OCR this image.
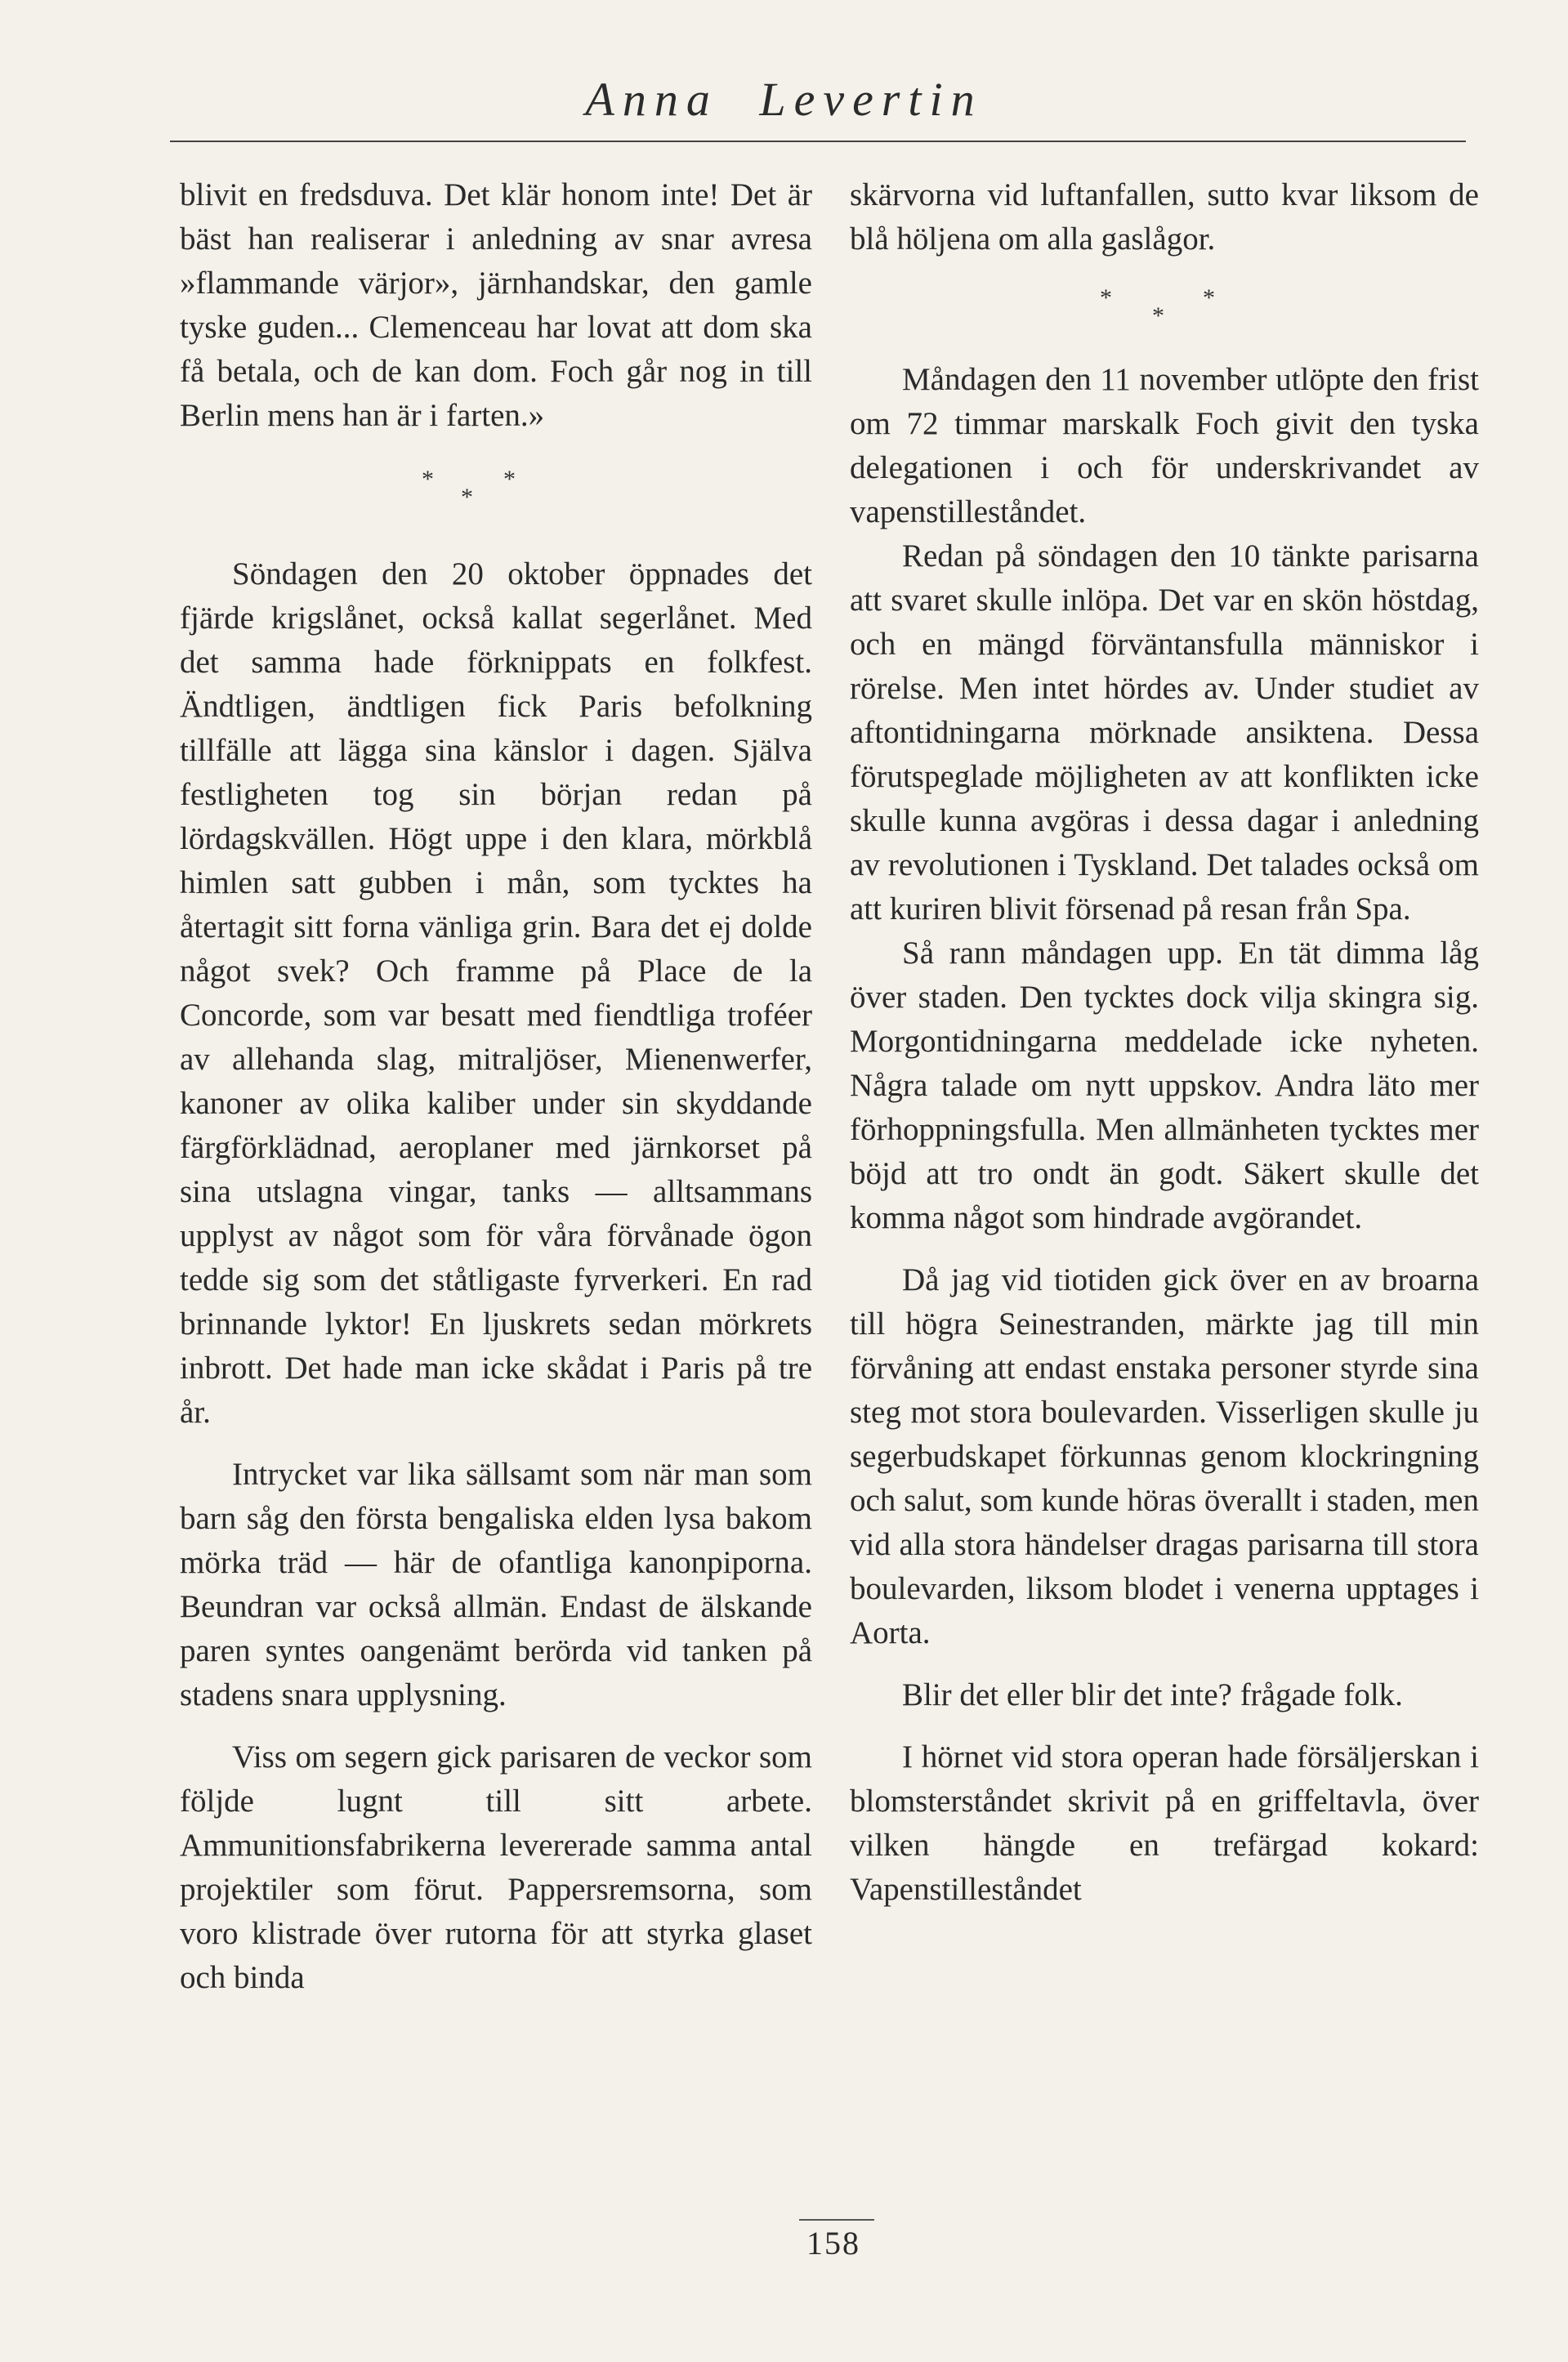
Anna Levertin

blivit en fredsduva. Det klär honom inte! Det är bäst han realiserar i anledning av snar avresa »flammande värjor», järnhandskar, den gamle tyske guden... Clemenceau har lovat att dom ska få betala, och de kan dom. Foch går nog in till Berlin mens han är i farten.»

*
*
*

Söndagen den 20 oktober öppnades det fjärde krigslånet, också kallat segerlånet. Med det samma hade förknippats en folkfest. Ändtligen, ändtligen fick Paris befolkning tillfälle att lägga sina känslor i dagen. Själva festligheten tog sin början redan på lördagskvällen. Högt uppe i den klara, mörkblå himlen satt gubben i mån, som tycktes ha återtagit sitt forna vänliga grin. Bara det ej dolde något svek? Och framme på Place de la Concorde, som var besatt med fiendtliga troféer av allehanda slag, mitraljöser, Mienenwerfer, kanoner av olika kaliber under sin skyddande färgförklädnad, aeroplaner med järnkorset på sina utslagna vingar, tanks — alltsammans upplyst av något som för våra förvånade ögon tedde sig som det ståtligaste fyrverkeri. En rad brinnande lyktor! En ljuskrets sedan mörkrets inbrott. Det hade man icke skådat i Paris på tre år.

Intrycket var lika sällsamt som när man som barn såg den första bengaliska elden lysa bakom mörka träd — här de ofantliga kanonpiporna. Beundran var också allmän. Endast de älskande paren syntes oangenämt berörda vid tanken på stadens snara upplysning.

Viss om segern gick parisaren de veckor som följde lugnt till sitt arbete. Ammunitionsfabrikerna levererade samma antal projektiler som förut. Pappersremsorna, som voro klistrade över rutorna för att styrka glaset och binda

skärvorna vid luftanfallen, sutto kvar liksom de blå höljena om alla gaslågor.

*
*
*

Måndagen den 11 november utlöpte den frist om 72 timmar marskalk Foch givit den tyska delegationen i och för underskrivandet av vapenstilleståndet.

Redan på söndagen den 10 tänkte parisarna att svaret skulle inlöpa. Det var en skön höstdag, och en mängd förväntansfulla människor i rörelse. Men intet hördes av. Under studiet av aftontidningarna mörknade ansiktena. Dessa förutspeglade möjligheten av att konflikten icke skulle kunna avgöras i dessa dagar i anledning av revolutionen i Tyskland. Det talades också om att kuriren blivit försenad på resan från Spa.

Så rann måndagen upp. En tät dimma låg över staden. Den tycktes dock vilja skingra sig. Morgontidningarna meddelade icke nyheten. Några talade om nytt uppskov. Andra läto mer förhoppningsfulla. Men allmänheten tycktes mer böjd att tro ondt än godt. Säkert skulle det komma något som hindrade avgörandet.

Då jag vid tiotiden gick över en av broarna till högra Seinestranden, märkte jag till min förvåning att endast enstaka personer styrde sina steg mot stora boulevarden. Visserligen skulle ju segerbudskapet förkunnas genom klockringning och salut, som kunde höras överallt i staden, men vid alla stora händelser dragas parisarna till stora boulevarden, liksom blodet i venerna upptages i Aorta.

Blir det eller blir det inte? frågade folk.

I hörnet vid stora operan hade försäljerskan i blomsterståndet skrivit på en griffeltavla, över vilken hängde en trefärgad kokard: Vapenstilleståndet

158
